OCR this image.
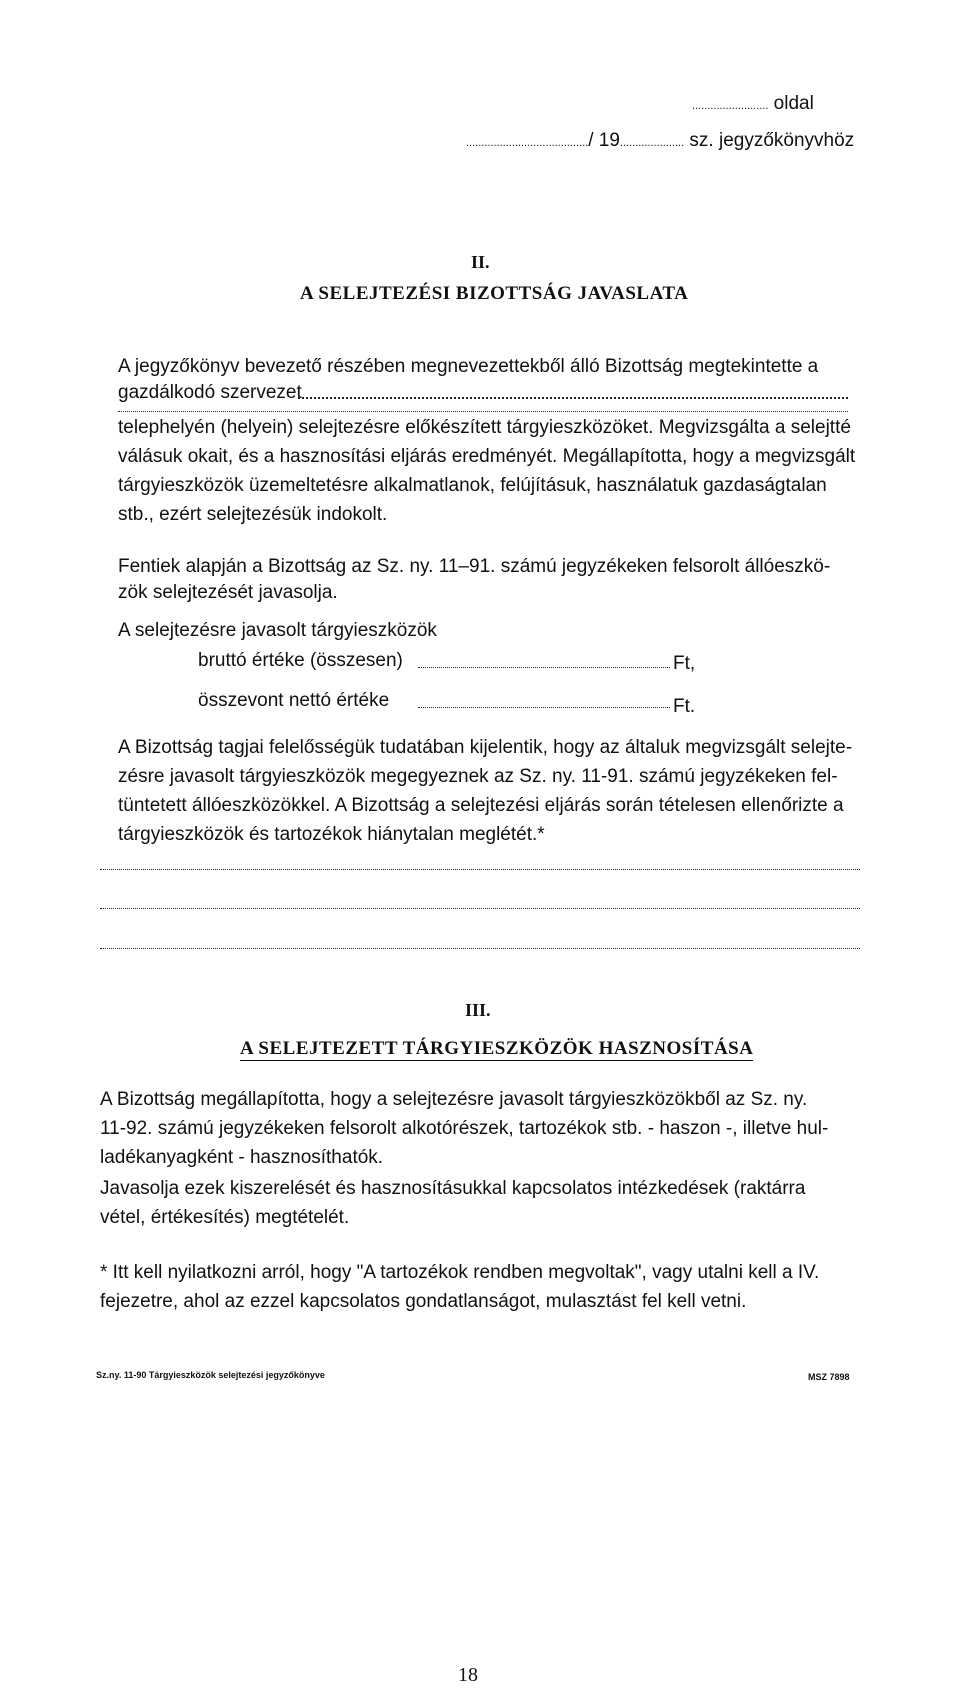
......................... oldal
......................................../ 19..................... sz. jegyzőkönyvhöz
II.
A SELEJTEZÉSI BIZOTTSÁG JAVASLATA
A jegyzőkönyv bevezető részében megnevezettekből álló Bizottság megtekintette a
gazdálkodó szervezet
telephelyén (helyein) selejtezésre előkészített tárgyieszközöket. Megvizsgálta a selejtté
válásuk okait, és a hasznosítási eljárás eredményét. Megállapította, hogy a megvizsgált
tárgyieszközök üzemeltetésre alkalmatlanok, felújításuk, használatuk gazdaságtalan
stb., ezért selejtezésük indokolt.
Fentiek alapján a Bizottság az Sz. ny. 11–91. számú jegyzékeken felsorolt állóeszkö-
zök selejtezését javasolja.
A selejtezésre javasolt tárgyieszközök
bruttó értéke (összesen)	Ft,
összevont nettó értéke	Ft.
A Bizottság tagjai felelősségük tudatában kijelentik, hogy az általuk megvizsgált selejte-
zésre javasolt tárgyieszközök megegyeznek az Sz. ny. 11-91. számú jegyzékeken fel-
tüntetett állóeszközökkel. A Bizottság a selejtezési eljárás során tételesen ellenőrizte a
tárgyieszközök és tartozékok hiánytalan meglétét.*
III.
A SELEJTEZETT TÁRGYIESZKÖZÖK HASZNOSÍTÁSA
A Bizottság megállapította, hogy a selejtezésre javasolt tárgyieszközökből az Sz. ny.
11-92. számú jegyzékeken felsorolt alkotórészek, tartozékok stb. - haszon -, illetve hul-
ladékanyagként - hasznosíthatók.
Javasolja ezek kiszerelését és hasznosításukkal kapcsolatos intézkedések (raktárra
vétel, értékesítés) megtételét.
* Itt kell nyilatkozni arról, hogy "A tartozékok rendben megvoltak", vagy utalni kell a IV.
fejezetre, ahol az ezzel kapcsolatos gondatlanságot, mulasztást fel kell vetni.
Sz.ny. 11-90 Tárgyieszközök selejtezési jegyzőkönyve	MSZ 7898
18
